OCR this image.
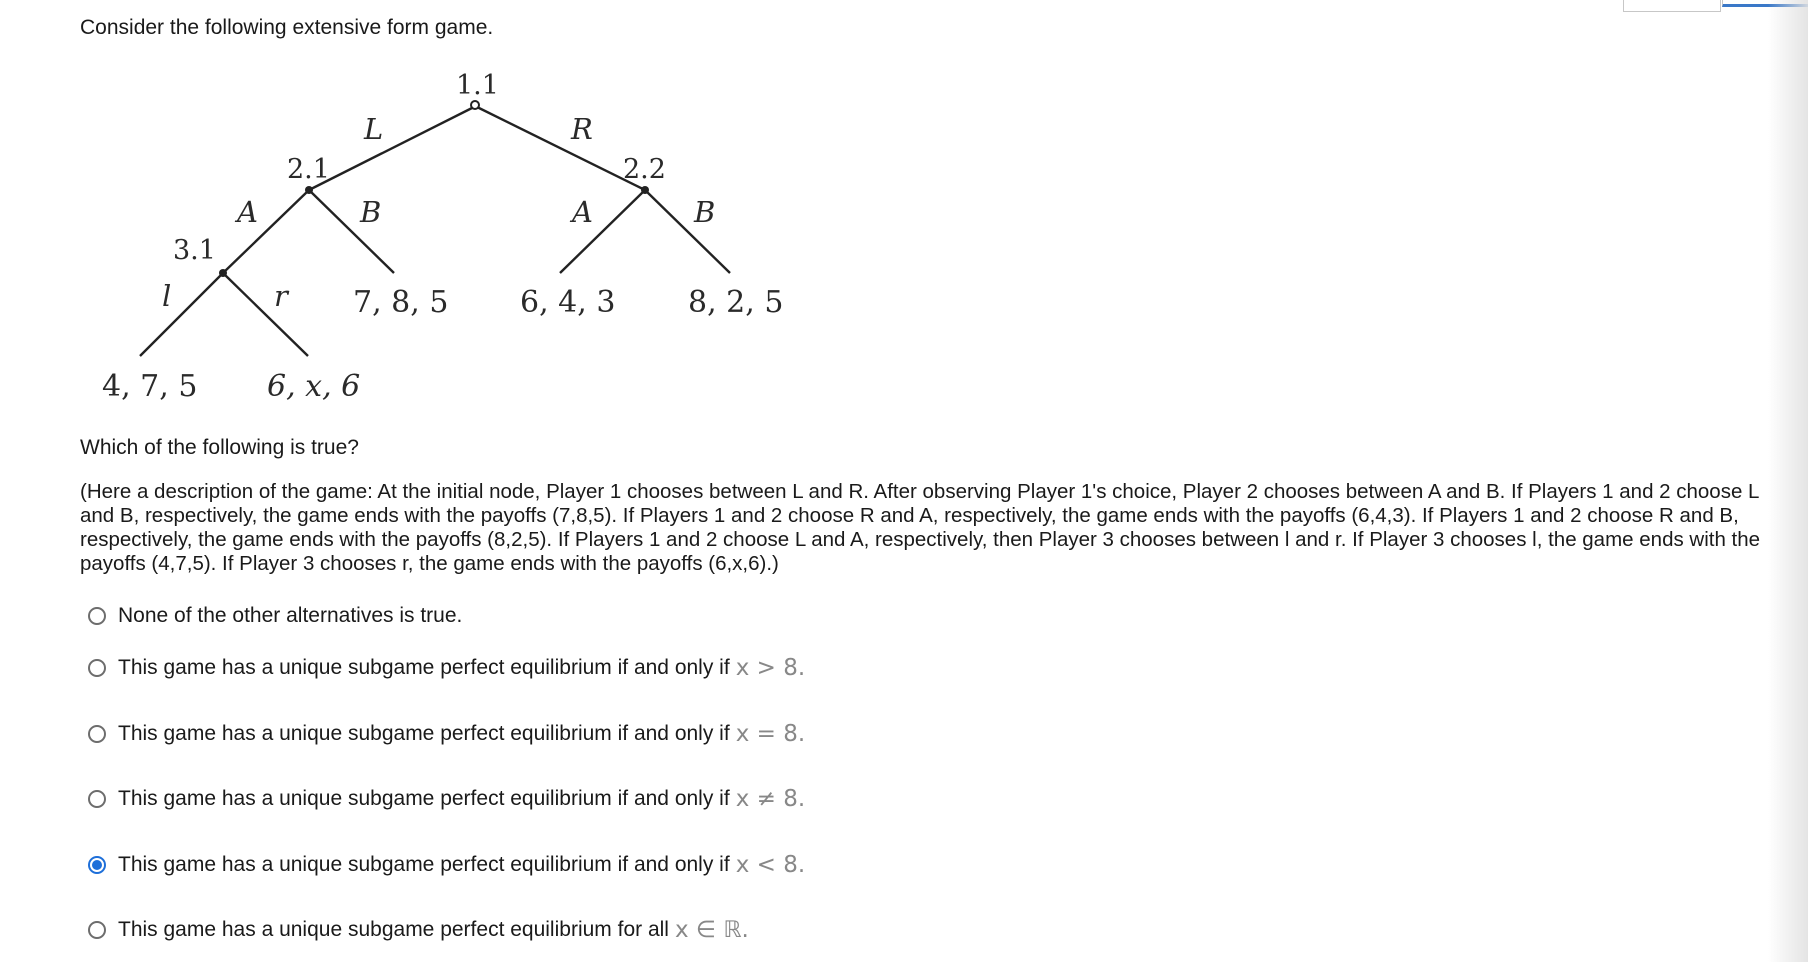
Consider the following extensive form game.

1.1
2.1	2.2
3.1
L	R
A	B	A	B
l	r 7, 8, 5 6, 4, 3 8, 2, 5
4, 7, 5 6, x, 6

Which of the following is true?

(Here a description of the game: At the initial node, Player 1 chooses between L and R. After observing Player 1's choice, Player 2 chooses between A and B. If Players 1 and 2 choose L and B, respectively, the game ends with the payoffs (7,8,5). If Players 1 and 2 choose R and A, respectively, the game ends with the payoffs (6,4,3). If Players 1 and 2 choose R and B, respectively, the game ends with the payoffs (8,2,5). If Players 1 and 2 choose L and A, respectively, then Player 3 chooses between l and r. If Player 3 chooses l, the game ends with the payoffs (4,7,5). If Player 3 chooses r, the game ends with the payoffs (6,x,6).)

None of the other alternatives is true.
This game has a unique subgame perfect equilibrium if and only if x > 8.
This game has a unique subgame perfect equilibrium if and only if x = 8.
This game has a unique subgame perfect equilibrium if and only if x ≠ 8.
This game has a unique subgame perfect equilibrium if and only if x < 8.
This game has a unique subgame perfect equilibrium for all x ∈ ℝ.
